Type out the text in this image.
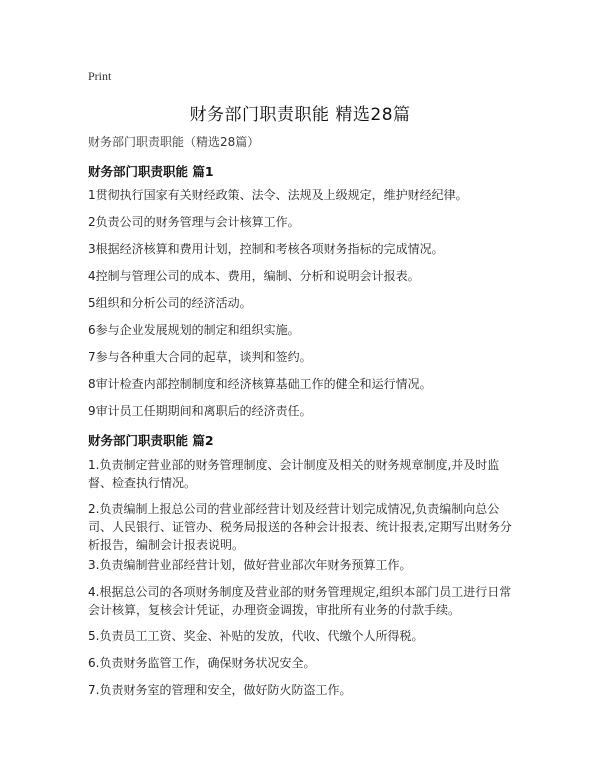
Print
财务部门职责职能 精选28篇
财务部门职责职能（精选28篇）
财务部门职责职能 篇1

1贯彻执行国家有关财经政策、法令、法规及上级规定，维护财经纪律。

2负责公司的财务管理与会计核算工作。

3根据经济核算和费用计划，控制和考核各项财务指标的完成情况。

4控制与管理公司的成本、费用，编制、分析和说明会计报表。

5组织和分析公司的经济活动。

6参与企业发展规划的制定和组织实施。

7参与各种重大合同的起草，谈判和签约。

8审计检查内部控制制度和经济核算基础工作的健全和运行情况。

9审计员工任期期间和离职后的经济责任。

财务部门职责职能 篇2

1.负责制定营业部的财务管理制度、会计制度及相关的财务规章制度,并及时监督、检查执行情况。

2.负责编制上报总公司的营业部经营计划及经营计划完成情况,负责编制向总公司、人民银行、证管办、税务局报送的各种会计报表、统计报表,定期写出财务分析报告，编制会计报表说明。

3.负责编制营业部经营计划，做好营业部次年财务预算工作。

4.根据总公司的各项财务制度及营业部的财务管理规定,组织本部门员工进行日常会计核算，复核会计凭证，办理资金调拨，审批所有业务的付款手续。

5.负责员工工资、奖金、补贴的发放，代收、代缴个人所得税。

6.负责财务监管工作，确保财务状况安全。

7.负责财务室的管理和安全，做好防火防盗工作。
